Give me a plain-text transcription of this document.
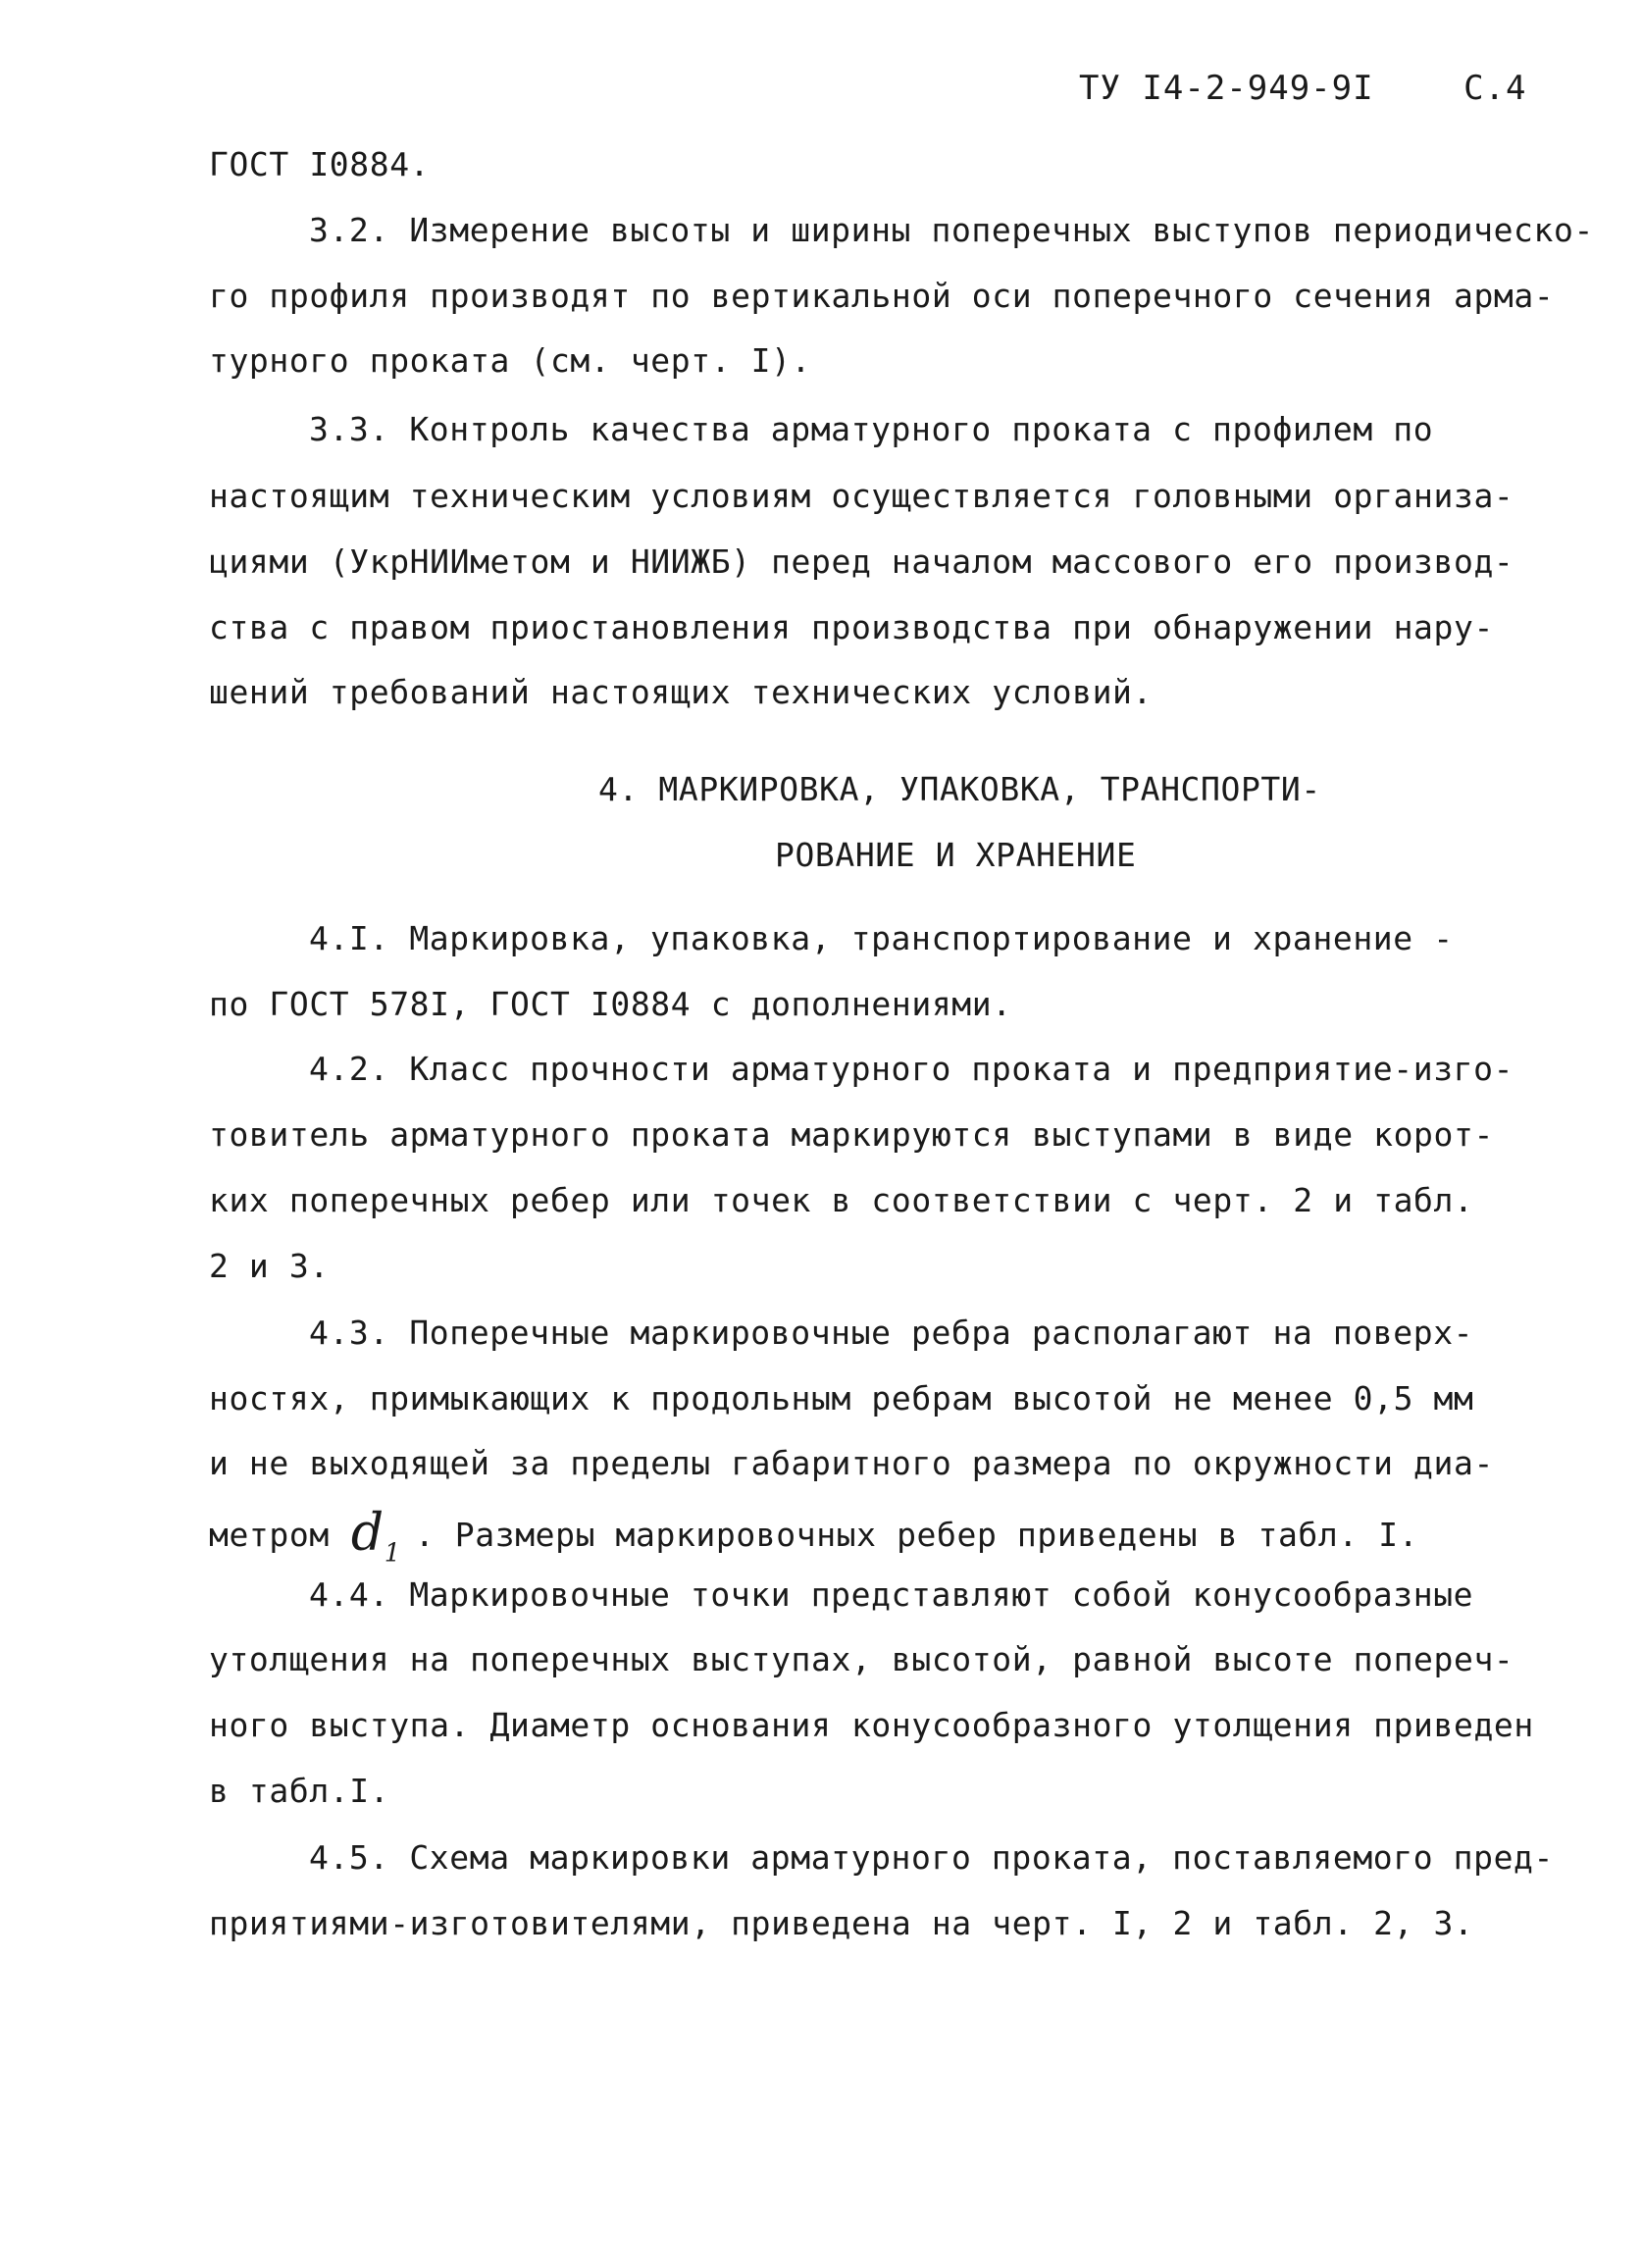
ТУ I4-2-949-9I	С.4
ГОСТ I0884.
3.2. Измерение высоты и ширины поперечных выступов периодическо-
го профиля производят по вертикальной оси поперечного сечения арма-
турного проката (см. черт. I).
3.3. Контроль качества арматурного проката с профилем по
настоящим техническим условиям осуществляется головными организа-
циями (УкрНИИметом и НИИЖБ) перед началом массового его производ-
ства с правом приостановления производства при обнаружении нару-
шений требований настоящих технических условий.
4. МАРКИРОВКА, УПАКОВКА, ТРАНСПОРТИ-
РОВАНИЕ И ХРАНЕНИЕ
4.I. Маркировка, упаковка, транспортирование и хранение -
по ГОСТ 578I, ГОСТ I0884 с дополнениями.
4.2. Класс прочности арматурного проката и предприятие-изго-
товитель арматурного проката маркируются выступами в виде корот-
ких поперечных ребер или точек в соответствии с черт. 2 и табл.
2 и 3.
4.3. Поперечные маркировочные ребра располагают на поверх-
ностях, примыкающих к продольным ребрам высотой не менее 0,5 мм
и не выходящей за пределы габаритного размера по окружности диа-
метром $d_1$ . Размеры маркировочных ребер приведены в табл. I.
4.4. Маркировочные точки представляют собой конусообразные
утолщения на поперечных выступах, высотой, равной высоте попереч-
ного выступа. Диаметр основания конусообразного утолщения приведен
в табл.I.
4.5. Схема маркировки арматурного проката, поставляемого пред-
приятиями-изготовителями, приведена на черт. I, 2 и табл. 2, 3.
